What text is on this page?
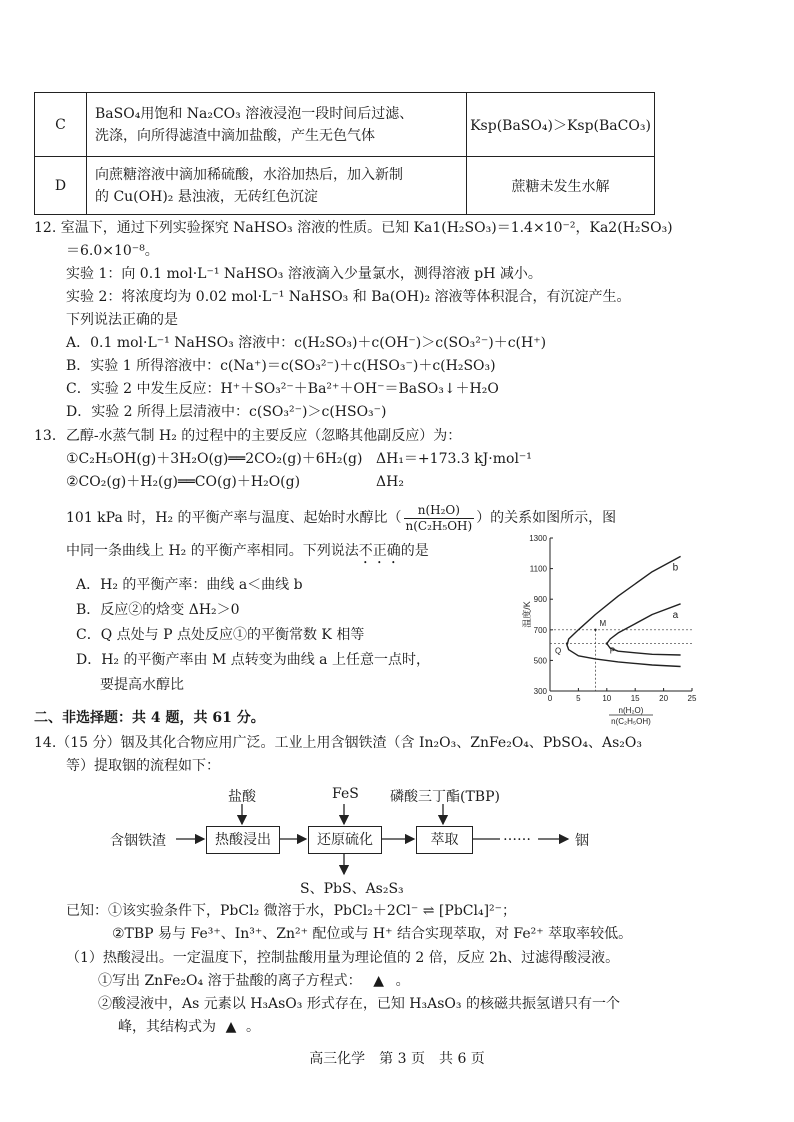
C	BaSO₄用饱和 Na₂CO₃ 溶液浸泡一段时间后过滤、
洗涤，向所得滤渣中滴加盐酸，产生无色气体	Ksp(BaSO₄)＞Ksp(BaCO₃)
D	向蔗糖溶液中滴加稀硫酸，水浴加热后，加入新制
的 Cu(OH)₂ 悬浊液，无砖红色沉淀	蔗糖未发生水解
12. 室温下，通过下列实验探究 NaHSO₃ 溶液的性质。已知 Ka1(H₂SO₃)＝1.4×10⁻²，Ka2(H₂SO₃)
＝6.0×10⁻⁸。
实验 1：向 0.1 mol·L⁻¹ NaHSO₃ 溶液滴入少量氯水，测得溶液 pH 减小。
实验 2：将浓度均为 0.02 mol·L⁻¹ NaHSO₃ 和 Ba(OH)₂ 溶液等体积混合，有沉淀产生。
下列说法正确的是
A．0.1 mol·L⁻¹ NaHSO₃ 溶液中：c(H₂SO₃)＋c(OH⁻)＞c(SO₃²⁻)＋c(H⁺)
B．实验 1 所得溶液中：c(Na⁺)＝c(SO₃²⁻)＋c(HSO₃⁻)＋c(H₂SO₃)
C．实验 2 中发生反应：H⁺＋SO₃²⁻＋Ba²⁺＋OH⁻＝BaSO₃↓＋H₂O
D．实验 2 所得上层清液中：c(SO₃²⁻)＞c(HSO₃⁻)
13．乙醇-水蒸气制 H₂ 的过程中的主要反应（忽略其他副反应）为：
①C₂H₅OH(g)＋3H₂O(g)══2CO₂(g)＋6H₂(g) ΔH₁＝+173.3 kJ·mol⁻¹
②CO₂(g)＋H₂(g)══CO(g)＋H₂O(g)	ΔH₂
101 kPa 时，H₂ 的平衡产率与温度、起始时水醇比（ $\frac{\text{n(H₂O)}}{\text{n(C₂H₅OH)}}$ ）的关系如图所示，图
中同一条曲线上 H₂ 的平衡产率相同。下列说法不正确的是
A．H₂ 的平衡产率：曲线 a＜曲线 b
B．反应②的焓变 ΔH₂＞0
C．Q 点处与 P 点处反应①的平衡常数 K 相等
D．H₂ 的平衡产率由 M 点转变为曲线 a 上任意一点时，
要提高水醇比
0	5	10 15 20 25
300
500
700
900
1100
1300
温度/K
n(H₂O)
n(C₂H₅OH)
b
a
M
Q	P
二、非选择题：共 4 题，共 61 分。
14.（15 分）铟及其化合物应用广泛。工业上用含铟铁渣（含 In₂O₃、ZnFe₂O₄、PbSO₄、As₂O₃
等）提取铟的流程如下：
盐酸	FeS 磷酸三丁酯(TBP)
含铟铁渣	热酸浸出	还原硫化	萃取	……	铟
S、PbS、As₂S₃
已知：①该实验条件下，PbCl₂ 微溶于水，PbCl₂＋2Cl⁻ ⇌ [PbCl₄]²⁻；
②TBP 易与 Fe³⁺、In³⁺、Zn²⁺ 配位或与 H⁺ 结合实现萃取，对 Fe²⁺ 萃取率较低。
（1）热酸浸出。一定温度下，控制盐酸用量为理论值的 2 倍，反应 2h、过滤得酸浸液。
①写出 ZnFe₂O₄ 溶于盐酸的离子方程式： ▲ 。
②酸浸液中，As 元素以 H₃AsO₃ 形式存在，已知 H₃AsO₃ 的核磁共振氢谱只有一个
峰，其结构式为 ▲ 。
高三化学　第 3 页　共 6 页
